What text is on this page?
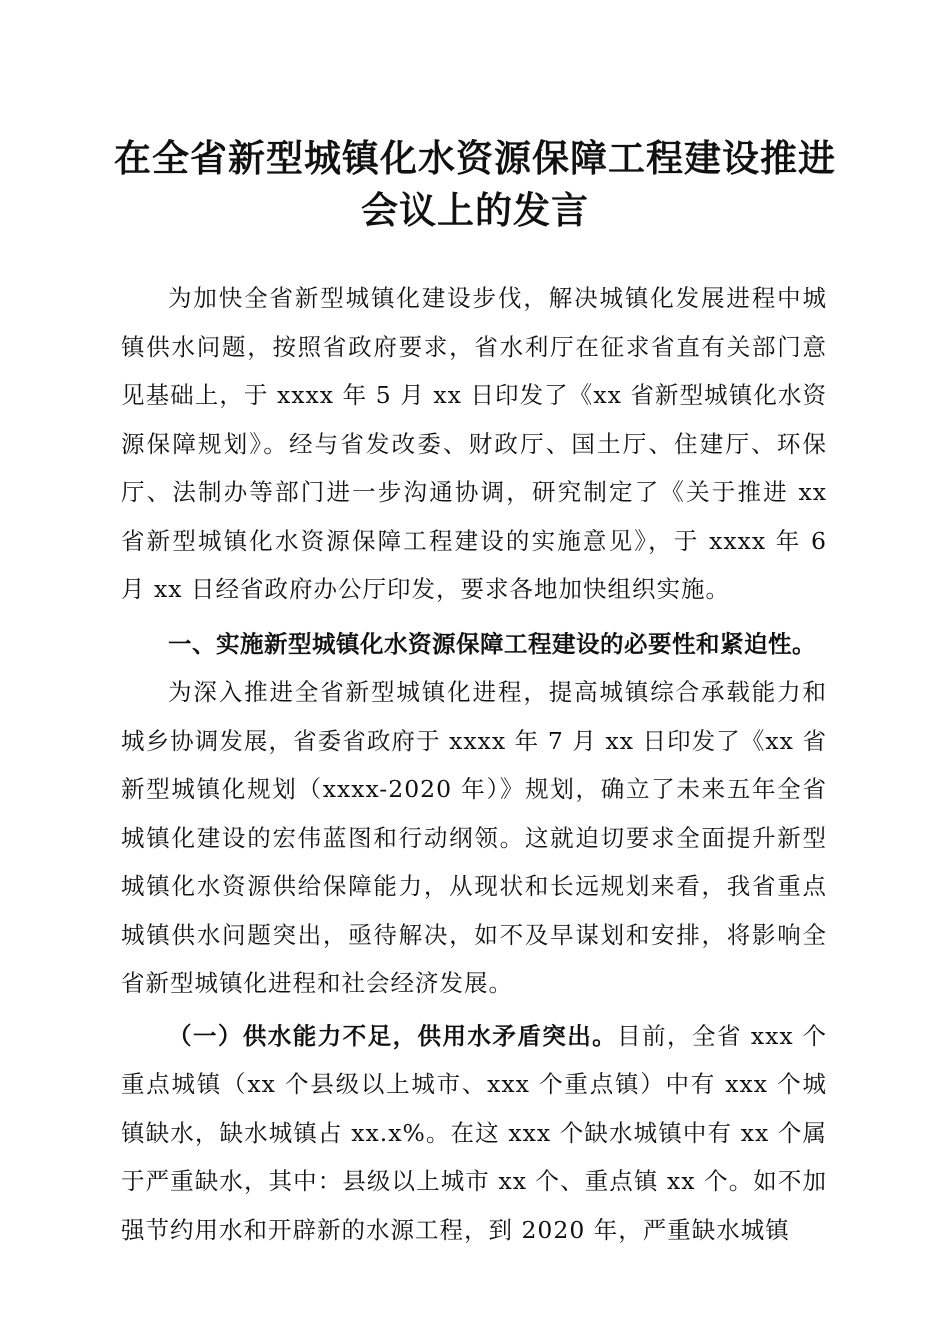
在全省新型城镇化水资源保障工程建设推进会议上的发言

为加快全省新型城镇化建设步伐，解决城镇化发展进程中城镇供水问题，按照省政府要求，省水利厅在征求省直有关部门意见基础上，于 xxxx 年 5 月 xx 日印发了《xx 省新型城镇化水资源保障规划》。经与省发改委、财政厅、国土厅、住建厅、环保厅、法制办等部门进一步沟通协调，研究制定了《关于推进 xx 省新型城镇化水资源保障工程建设的实施意见》，于 xxxx 年 6 月 xx 日经省政府办公厅印发，要求各地加快组织实施。

一、实施新型城镇化水资源保障工程建设的必要性和紧迫性。

为深入推进全省新型城镇化进程，提高城镇综合承载能力和城乡协调发展，省委省政府于 xxxx 年 7 月 xx 日印发了《xx 省新型城镇化规划（xxxx-2020 年）》规划，确立了未来五年全省城镇化建设的宏伟蓝图和行动纲领。这就迫切要求全面提升新型城镇化水资源供给保障能力，从现状和长远规划来看，我省重点城镇供水问题突出，亟待解决，如不及早谋划和安排，将影响全省新型城镇化进程和社会经济发展。

（一）供水能力不足，供用水矛盾突出。目前，全省 xxx 个重点城镇（xx 个县级以上城市、xxx 个重点镇）中有 xxx 个城镇缺水，缺水城镇占 xx.x%。在这 xxx 个缺水城镇中有 xx 个属于严重缺水，其中：县级以上城市 xx 个、重点镇 xx 个。如不加强节约用水和开辟新的水源工程，到 2020 年，严重缺水城镇
